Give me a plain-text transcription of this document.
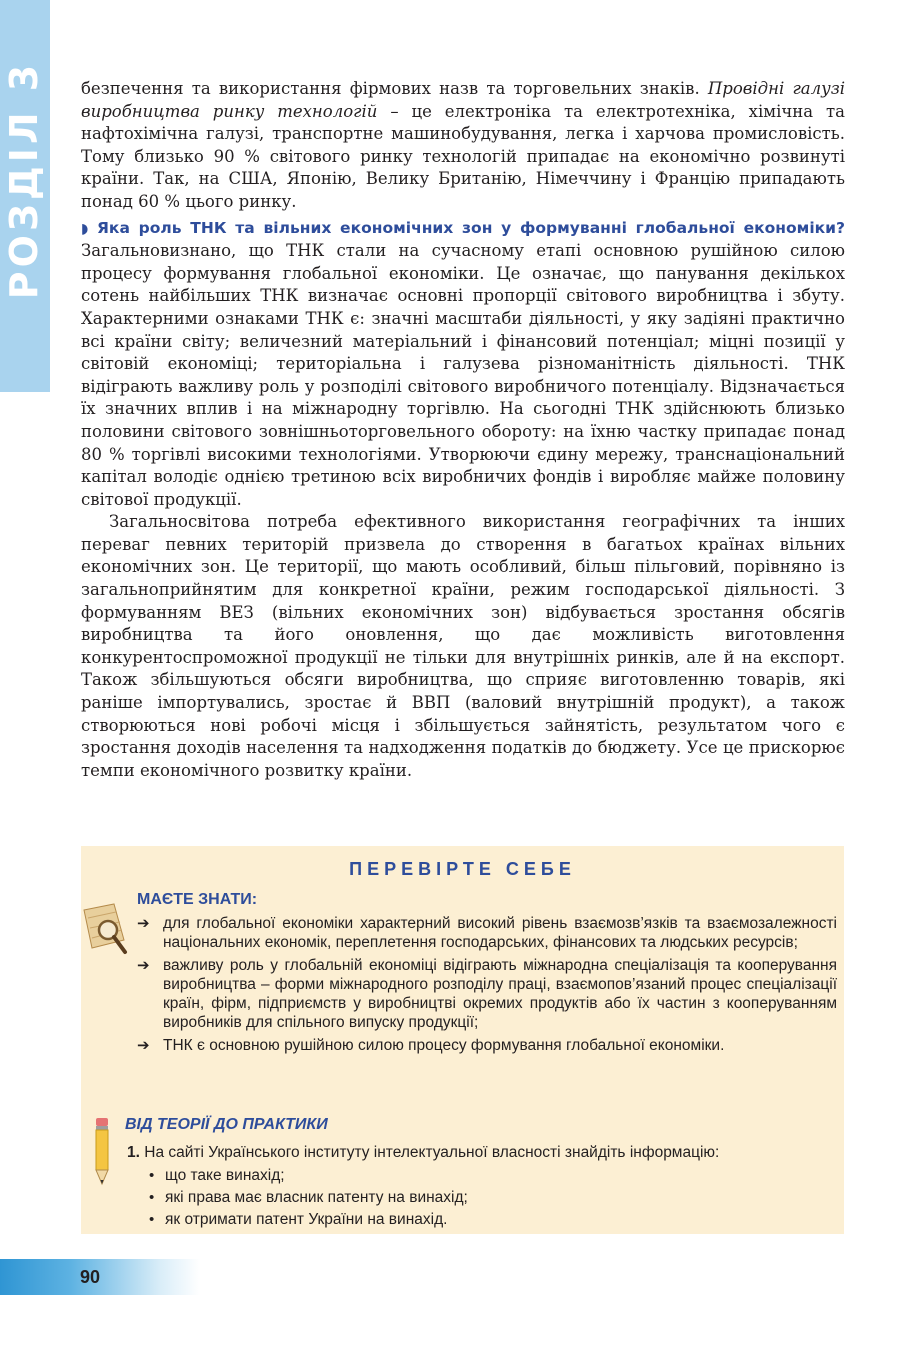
РОЗДІЛ 3 безпечення та використання фірмових назв та торговельних знаків. Провідні галузі виробництва ринку технологій – це електроніка та електротехніка, хімічна та нафтохімічна галузі, транспортне машинобудування, легка і харчова промисловість. Тому близько 90 % світового ринку технологій припадає на економічно розвинуті країни. Так, на США, Японію, Велику Британію, Німеччину і Францію припадають понад 60 % цього ринку.

◗ Яка роль ТНК та вільних економічних зон у формуванні глобальної економіки? Загальновизнано, що ТНК стали на сучасному етапі основною рушійною силою процесу формування глобальної економіки. Це означає, що панування декількох сотень найбільших ТНК визначає основні пропорції світового виробництва і збуту. Характерними ознаками ТНК є: значні масштаби діяльності, у яку задіяні практично всі країни світу; величезний матеріальний і фінансовий потенціал; міцні позиції у світовій економіці; територіальна і галузева різноманітність діяльності. ТНК відіграють важливу роль у розподілі світового виробничого потенціалу. Відзначається їх значних вплив і на міжнародну торгівлю. На сьогодні ТНК здійснюють близько половини світового зовнішньоторговельного обороту: на їхню частку припадає понад 80 % торгівлі високими технологіями. Утворюючи єдину мережу, транснаціональний капітал володіє однією третиною всіх виробничих фондів і виробляє майже половину світової продукції.

Загальносвітова потреба ефективного використання географічних та інших переваг певних територій призвела до створення в багатьох країнах вільних економічних зон. Це території, що мають особливий, більш пільговий, порівняно із загальноприйнятим для конкретної країни, режим господарської діяльності. З формуванням ВЕЗ (вільних економічних зон) відбувається зростання обсягів виробництва та його оновлення, що дає можливість виготовлення конкурентоспроможної продукції не тільки для внутрішніх ринків, але й на експорт. Також збільшуються обсяги виробництва, що сприяє виготовленню товарів, які раніше імпортувались, зростає й ВВП (валовий внутрішній продукт), а також створюються нові робочі місця і збільшується зайнятість, результатом чого є зростання доходів населення та надходження податків до бюджету. Усе це прискорює темпи економічного розвитку країни.

ПЕРЕВІРТЕ СЕБЕ
МАЄТЕ ЗНАТИ:
➔ для глобальної економіки характерний високий рівень взаємозв’язків та взаємозалежності національних економік, переплетення господарських, фінансових та людських ресурсів;
➔ важливу роль у глобальній економіці відіграють міжнародна спеціалізація та кооперування виробництва – форми міжнародного розподілу праці, взаємопов’язаний процес спеціалізації країн, фірм, підприємств у виробництві окремих продуктів або їх частин з коопeруванням виробників для спільного випуску продукції;
➔ ТНК є основною рушійною силою процесу формування глобальної економіки.
ВІД ТЕОРІЇ ДО ПРАКТИКИ
1. На сайті Українського інституту інтелектуальної власності знайдіть інформацію:
• що таке винахід;
• які права має власник патенту на винахід;
• як отримати патент України на винахід.
90
